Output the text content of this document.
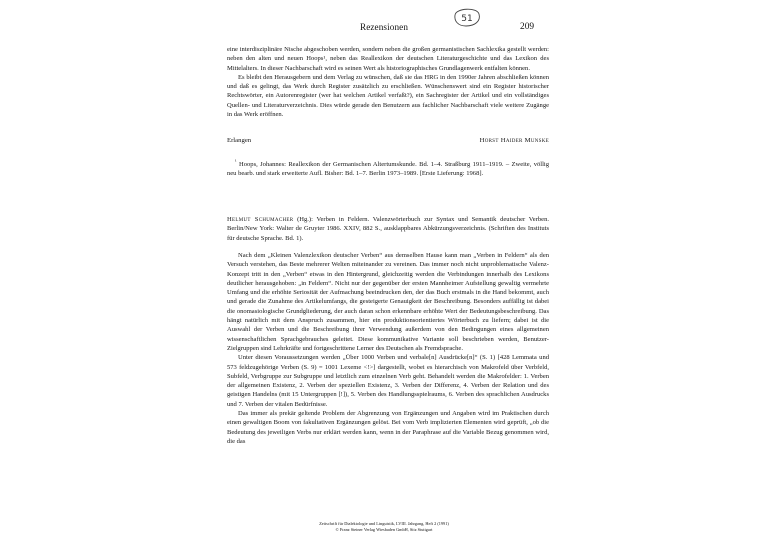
Rezensionen
51
209

eine interdisziplinäre Nische abgeschoben werden, sondern neben die großen germanistischen Sachlexika gestellt werden: neben den alten und neuen Hoops¹, neben das Reallexikon der deutschen Literaturgeschichte und das Lexikon des Mittelalters. In dieser Nachbarschaft wird es seinen Wert als historiographisches Grundlagenwerk entfalten können.

Es bleibt den Herausgebern und dem Verlag zu wünschen, daß sie das HRG in den 1990er Jahren abschließen können und daß es gelingt, das Werk durch Register zusätzlich zu erschließen. Wünschenswert sind ein Register historischer Rechtswörter, ein Autorenregister (wer hat welchen Artikel verfaßt?), ein Sachregister der Artikel und ein vollständiges Quellen- und Literaturverzeichnis. Dies würde gerade den Benutzern aus fachlicher Nachbarschaft viele weitere Zugänge in das Werk eröffnen.

Erlangen	Horst Haider Munske

$^{^1}$ Hoops, Johannes: Reallexikon der Germanischen Altertumskunde. Bd. 1–4. Straßburg 1911–1919. – Zweite, völlig neu bearb. und stark erweiterte Aufl. Bisher: Bd. 1–7. Berlin 1973–1989. [Erste Lieferung: 1968].

Helmut Schumacher (Hg.): Verben in Feldern. Valenzwörterbuch zur Syntax und Semantik deutscher Verben. Berlin/New York: Walter de Gruyter 1986. XXIV, 882 S., ausklappbares Abkürzungsverzeichnis. (Schriften des Instituts für deutsche Sprache. Bd. 1).

Nach dem „Kleinen Valenzlexikon deutscher Verben“ aus demselben Hause kann man „Verben in Feldern“ als den Versuch verstehen, das Beste mehrerer Welten miteinander zu vereinen. Das immer noch nicht unproblematische Valenz-Konzept tritt in den „Verben“ etwas in den Hintergrund, gleichzeitig werden die Verbindungen innerhalb des Lexikons deutlicher herausgehoben: „in Feldern“. Nicht nur der gegenüber der ersten Mannheimer Aufstellung gewaltig vermehrte Umfang und die erhöhte Seriosität der Aufmachung beeindrucken den, der das Buch erstmals in die Hand bekommt, auch und gerade die Zunahme des Artikelumfangs, die gesteigerte Genauigkeit der Beschreibung. Besonders auffällig ist dabei die onomasiologische Grundgliederung, der auch daran schon erkennbare erhöhte Wert der Bedeutungsbeschreibung. Das hängt natürlich mit dem Anspruch zusammen, hier ein produktionsorientiertes Wörterbuch zu liefern; dabei ist die Auswahl der Verben und die Beschreibung ihrer Verwendung außerdem von den Bedingungen eines allgemeinen wissenschaftlichen Sprachgebrauches geleitet. Diese kommunikative Variante soll beschrieben werden, Benutzer-Zielgruppen sind Lehrkräfte und fortgeschrittene Lerner des Deutschen als Fremdsprache.

Unter diesen Voraussetzungen werden „Über 1000 Verben und verbale[n] Ausdrücke[n]“ (S. 1) [428 Lemmata und 573 feldzugehörige Verben (S. 9) = 1001 Lexeme <!>] dargestellt, wobei es hierarchisch von Makrofeld über Verbfeld, Subfeld, Verbgruppe zur Subgruppe und letztlich zum einzelnen Verb geht. Behandelt werden die Makrofelder: 1. Verben der allgemeinen Existenz, 2. Verben der speziellen Existenz, 3. Verben der Differenz, 4. Verben der Relation und des geistigen Handelns (mit 15 Untergruppen [!]), 5. Verben des Handlungsspielraums, 6. Verben des sprachlichen Ausdrucks und 7. Verben der vitalen Bedürfnisse.

Das immer als prekär geltende Problem der Abgrenzung von Ergänzungen und Angaben wird im Praktischen durch einen gewaltigen Boom von fakultativen Ergänzungen gelöst. Bei vom Verb implizierten Elementen wird geprüft, „ob die Bedeutung des jeweiligen Verbs nur erklärt werden kann, wenn in der Paraphrase auf die Variable Bezug genommen wird, die das

Zeitschrift für Dialektologie und Linguistik, LVIII. Jahrgang, Heft 2 (1991)
© Franz Steiner Verlag Wiesbaden GmbH, Sitz Stuttgart
